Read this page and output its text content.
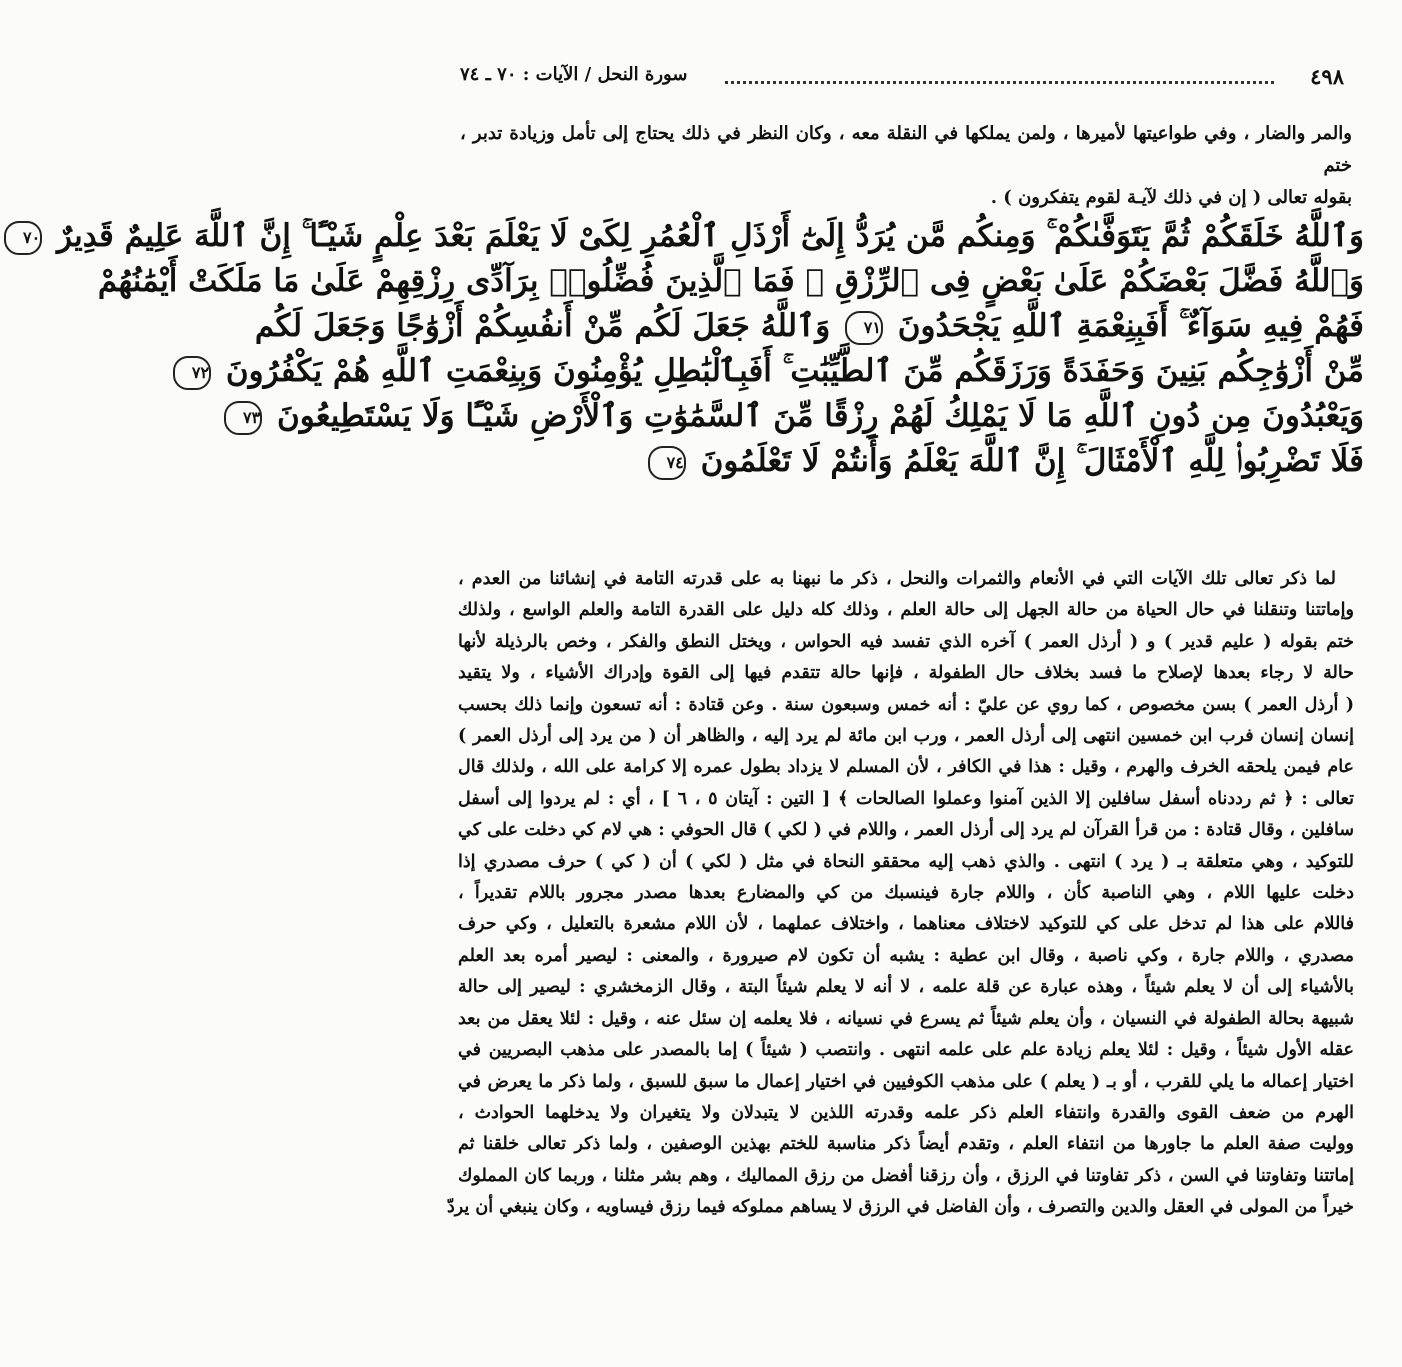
٤٩٨
سورة النحل / الآيات : ٧٠ ـ ٧٤

والمر والضار ، وفي طواعيتها لأميرها ، ولمن يملكها في النقلة معه ، وكان النظر في ذلك يحتاج إلى تأمل وزيادة تدبر ، ختم

بقوله تعالى ( إن في ذلك لآيـة لقوم يتفكرون ) .

وَٱللَّهُ خَلَقَكُمْ ثُمَّ يَتَوَفَّىٰكُمْ ۚ وَمِنكُم مَّن يُرَدُّ إِلَىٰٓ أَرْذَلِ ٱلْعُمُرِ لِكَىْ لَا يَعْلَمَ بَعْدَ عِلْمٍ شَيْـًٔا ۚ إِنَّ ٱللَّهَ عَلِيمٌ قَدِيرٌ ٧٠

وَٱللَّهُ فَضَّلَ بَعْضَكُمْ عَلَىٰ بَعْضٍ فِى ٱلرِّزْقِ ۚ فَمَا ٱلَّذِينَ فُضِّلُوا۟ بِرَآدِّى رِزْقِهِمْ عَلَىٰ مَا مَلَكَتْ أَيْمَٰنُهُمْ

فَهُمْ فِيهِ سَوَآءٌ ۚ أَفَبِنِعْمَةِ ٱللَّهِ يَجْحَدُونَ ٧١ وَٱللَّهُ جَعَلَ لَكُم مِّنْ أَنفُسِكُمْ أَزْوَٰجًا وَجَعَلَ لَكُم

مِّنْ أَزْوَٰجِكُم بَنِينَ وَحَفَدَةً وَرَزَقَكُم مِّنَ ٱلطَّيِّبَٰتِ ۚ أَفَبِٱلْبَٰطِلِ يُؤْمِنُونَ وَبِنِعْمَتِ ٱللَّهِ هُمْ يَكْفُرُونَ ٧٢

وَيَعْبُدُونَ مِن دُونِ ٱللَّهِ مَا لَا يَمْلِكُ لَهُمْ رِزْقًا مِّنَ ٱلسَّمَٰوَٰتِ وَٱلْأَرْضِ شَيْـًٔا وَلَا يَسْتَطِيعُونَ ٧٣

فَلَا تَضْرِبُوا۟ لِلَّهِ ٱلْأَمْثَالَ ۚ إِنَّ ٱللَّهَ يَعْلَمُ وَأَنتُمْ لَا تَعْلَمُونَ ٧٤

لما ذكر تعالى تلك الآيات التي في الأنعام والثمرات والنحل ، ذكر ما نبهنا به على قدرته التامة في إنشائنا من العدم ،

وإماتتنا وتنقلنا في حال الحياة من حالة الجهل إلى حالة العلم ، وذلك كله دليل على القدرة التامة والعلم الواسع ، ولذلك

ختم بقوله ( عليم قدير ) و ( أرذل العمر ) آخره الذي تفسد فيه الحواس ، ويختل النطق والفكر ، وخص بالرذيلة لأنها

حالة لا رجاء بعدها لإصلاح ما فسد بخلاف حال الطفولة ، فإنها حالة تتقدم فيها إلى القوة وإدراك الأشياء ، ولا يتقيد

( أرذل العمر ) بسن مخصوص ، كما روي عن عليّ : أنه خمس وسبعون سنة . وعن قتادة : أنه تسعون وإنما ذلك بحسب

إنسان إنسان فرب ابن خمسين انتهى إلى أرذل العمر ، ورب ابن مائة لم يرد إليه ، والظاهر أن ( من يرد إلى أرذل العمر )

عام فيمن يلحقه الخرف والهرم ، وقيل : هذا في الكافر ، لأن المسلم لا يزداد بطول عمره إلا كرامة على الله ، ولذلك قال

تعالى : ﴿ ثم رددناه أسفل سافلين إلا الذين آمنوا وعملوا الصالحات ﴾ [ التين : آيتان ٥ ، ٦ ] ، أي : لم يردوا إلى أسفل

سافلين ، وقال قتادة : من قرأ القرآن لم يرد إلى أرذل العمر ، واللام في ( لكي ) قال الحوفي : هي لام كي دخلت على كي

للتوكيد ، وهي متعلقة بـ ( يرد ) انتهى . والذي ذهب إليه محققو النحاة في مثل ( لكي ) أن ( كي ) حرف مصدري إذا

دخلت عليها اللام ، وهي الناصبة كأن ، واللام جارة فينسبك من كي والمضارع بعدها مصدر مجرور باللام تقديراً ،

فاللام على هذا لم تدخل على كي للتوكيد لاختلاف معناهما ، واختلاف عملهما ، لأن اللام مشعرة بالتعليل ، وكي حرف

مصدري ، واللام جارة ، وكي ناصبة ، وقال ابن عطية : يشبه أن تكون لام صيرورة ، والمعنى : ليصير أمره بعد العلم

بالأشياء إلى أن لا يعلم شيئاً ، وهذه عبارة عن قلة علمه ، لا أنه لا يعلم شيئاً البتة ، وقال الزمخشري : ليصير إلى حالة

شبيهة بحالة الطفولة في النسيان ، وأن يعلم شيئاً ثم يسرع في نسيانه ، فلا يعلمه إن سئل عنه ، وقيل : لئلا يعقل من بعد

عقله الأول شيئاً ، وقيل : لئلا يعلم زيادة علم على علمه انتهى . وانتصب ( شيئاً ) إما بالمصدر على مذهب البصريين في

اختيار إعماله ما يلي للقرب ، أو بـ ( يعلم ) على مذهب الكوفيين في اختيار إعمال ما سبق للسبق ، ولما ذكر ما يعرض في

الهرم من ضعف القوى والقدرة وانتفاء العلم ذكر علمه وقدرته اللذين لا يتبدلان ولا يتغيران ولا يدخلهما الحوادث ،

ووليت صفة العلم ما جاورها من انتفاء العلم ، وتقدم أيضاً ذكر مناسبة للختم بهذين الوصفين ، ولما ذكر تعالى خلقنا ثم

إماتتنا وتفاوتنا في السن ، ذكر تفاوتنا في الرزق ، وأن رزقنا أفضل من رزق المماليك ، وهم بشر مثلنا ، وربما كان المملوك

خيراً من المولى في العقل والدين والتصرف ، وأن الفاضل في الرزق لا يساهم مملوكه فيما رزق فيساويه ، وكان ينبغي أن يردّ
